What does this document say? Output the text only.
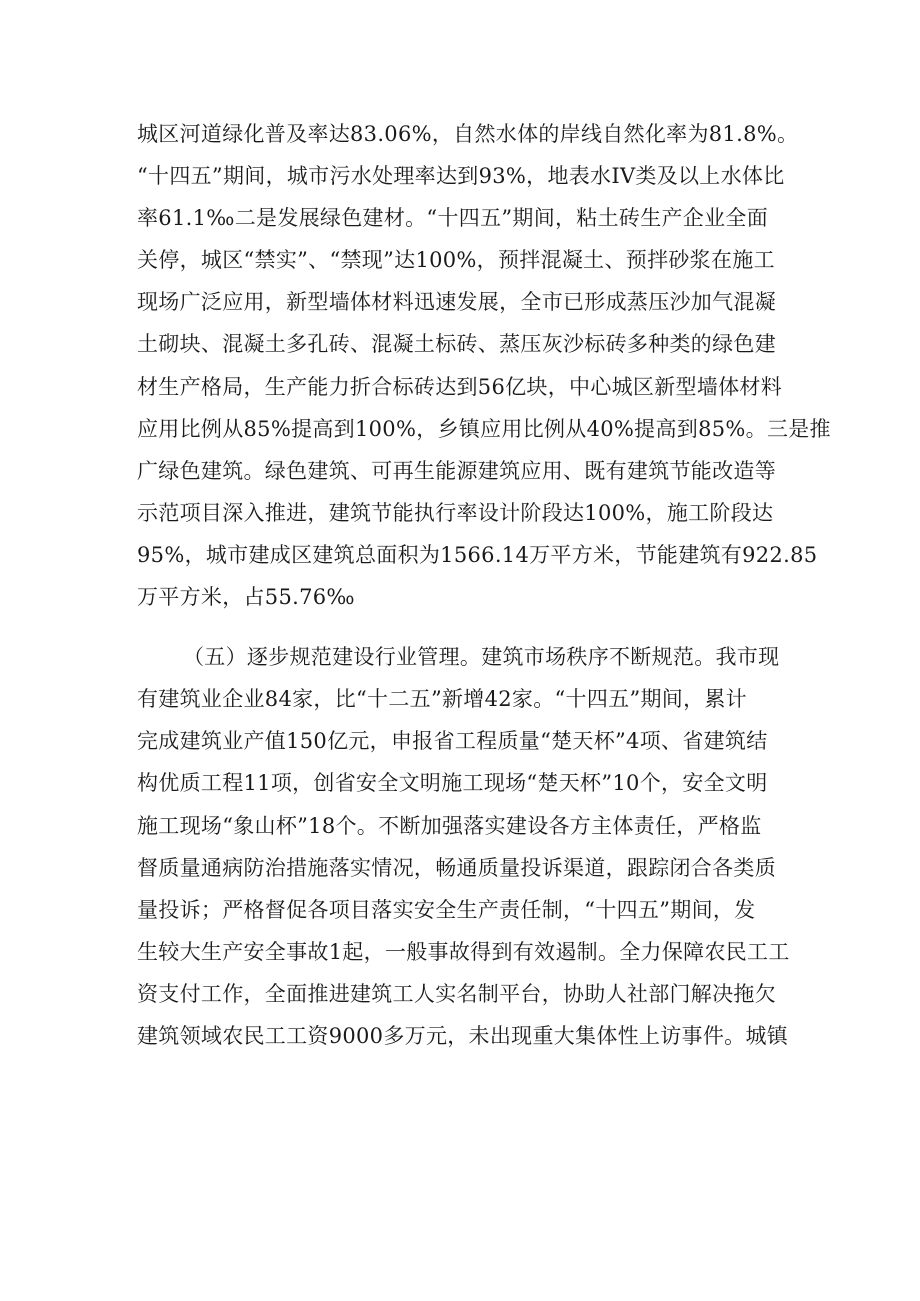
城区河道绿化普及率达83.06%，自然水体的岸线自然化率为81.8%。
“十四五”期间，城市污水处理率达到93%，地表水IV类及以上水体比
率61.1‰二是发展绿色建材。“十四五”期间，粘土砖生产企业全面
关停，城区“禁实”、“禁现”达100%，预拌混凝土、预拌砂浆在施工
现场广泛应用，新型墙体材料迅速发展，全市已形成蒸压沙加气混凝
土砌块、混凝土多孔砖、混凝土标砖、蒸压灰沙标砖多种类的绿色建
材生产格局，生产能力折合标砖达到56亿块，中心城区新型墙体材料
应用比例从85%提高到100%，乡镇应用比例从40%提高到85%。三是推
广绿色建筑。绿色建筑、可再生能源建筑应用、既有建筑节能改造等
示范项目深入推进，建筑节能执行率设计阶段达100%，施工阶段达
95%，城市建成区建筑总面积为1566.14万平方米，节能建筑有922.85
万平方米，占55.76‰
（五）逐步规范建设行业管理。建筑市场秩序不断规范。我市现
有建筑业企业84家，比“十二五”新增42家。“十四五”期间，累计
完成建筑业产值150亿元，申报省工程质量“楚天杯”4项、省建筑结
构优质工程11项，创省安全文明施工现场“楚天杯”10个，安全文明
施工现场“象山杯”18个。不断加强落实建设各方主体责任，严格监
督质量通病防治措施落实情况，畅通质量投诉渠道，跟踪闭合各类质
量投诉；严格督促各项目落实安全生产责任制，“十四五”期间，发
生较大生产安全事故1起，一般事故得到有效遏制。全力保障农民工工
资支付工作，全面推进建筑工人实名制平台，协助人社部门解决拖欠
建筑领域农民工工资9000多万元，未出现重大集体性上访事件。城镇
